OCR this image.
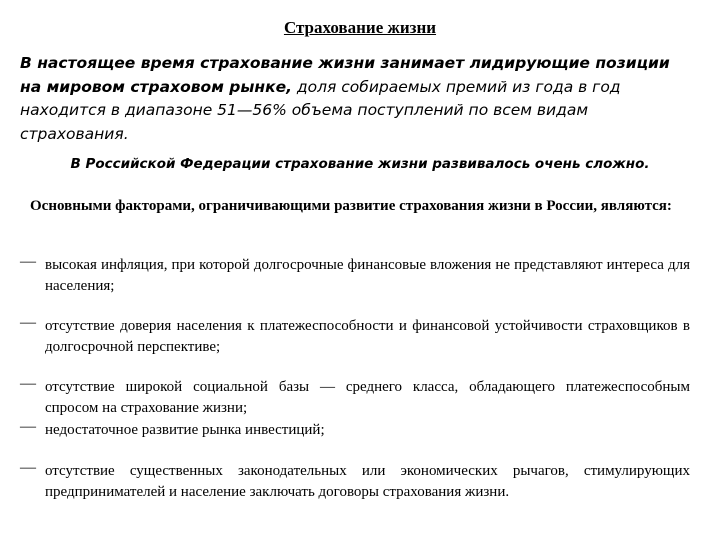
Страхование жизни
В настоящее время страхование жизни занимает лидирующие позиции на мировом страховом рынке, доля собираемых премий из года в год находится в диапазоне 51—56% объема поступлений по всем видам страхования.
В Российской Федерации страхование жизни развивалось очень сложно.
Основными факторами, ограничивающими развитие страхования жизни в России, являются:
— высокая инфляция, при которой долгосрочные финансовые вложения не представляют интереса для населения;
— отсутствие доверия населения к платежеспособности и финансовой устойчивости страховщиков в долгосрочной перспективе;
— отсутствие широкой социальной базы — среднего класса, обладающего платежеспособным спросом на страхование жизни;
— недостаточное развитие рынка инвестиций;
— отсутствие существенных законодательных или экономических рычагов, стимулирующих предпринимателей и население заключать договоры страхования жизни.
